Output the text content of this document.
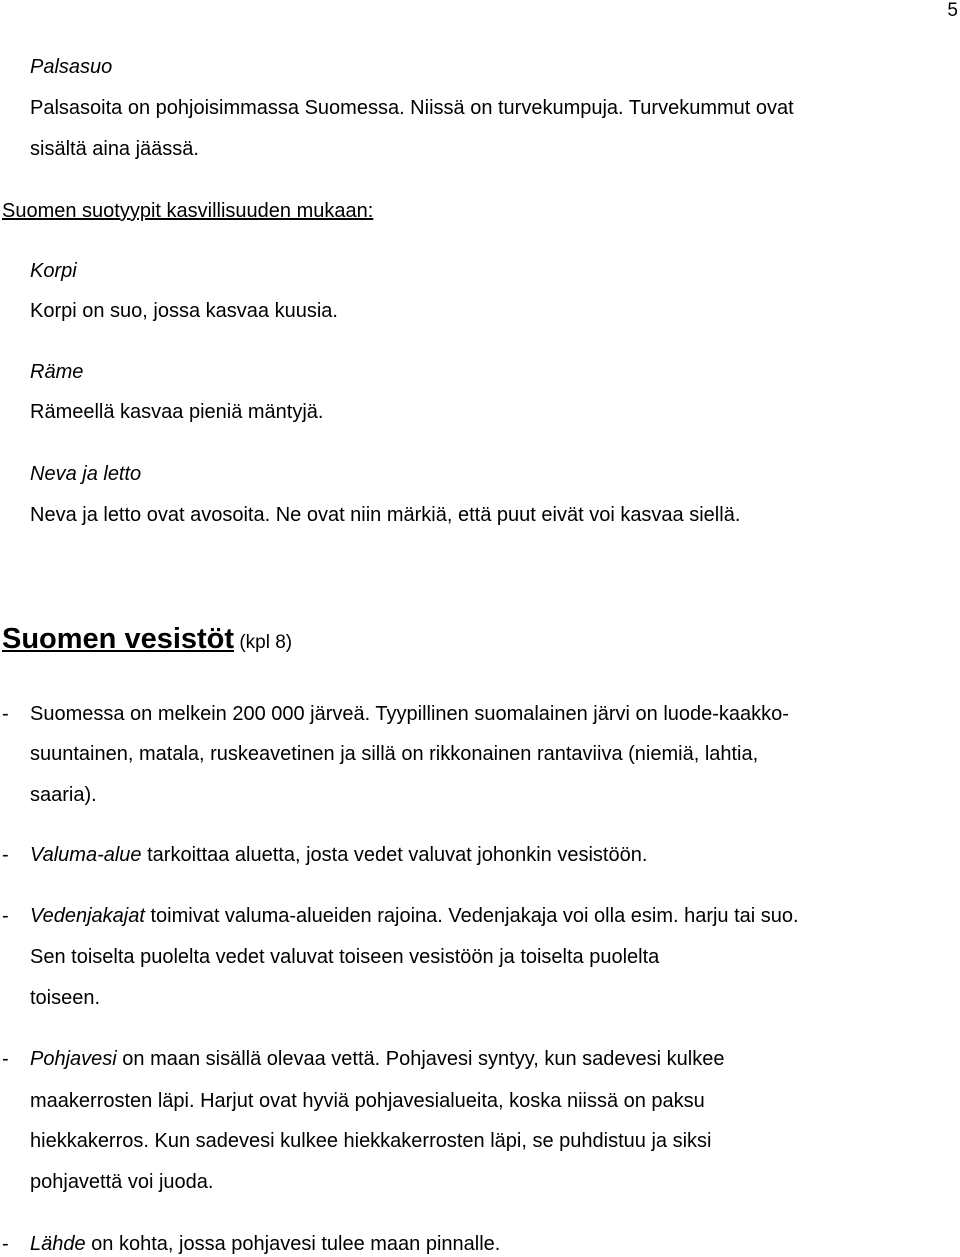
5
Palsasuo
Palsasoita on pohjoisimmassa Suomessa. Niissä on turvekumpuja. Turvekummut ovat
sisältä aina jäässä.
Suomen suotyypit kasvillisuuden mukaan:
Korpi
Korpi on suo, jossa kasvaa kuusia.
Räme
Rämeellä kasvaa pieniä mäntyjä.
Neva ja letto
Neva ja letto ovat avosoita. Ne ovat niin märkiä, että puut eivät voi kasvaa siellä.
Suomen vesistöt (kpl 8)
- Suomessa on melkein 200 000 järveä. Tyypillinen suomalainen järvi on luode-kaakko-
suuntainen, matala, ruskeavetinen ja sillä on rikkonainen rantaviiva (niemiä, lahtia,
saaria).
- Valuma-alue tarkoittaa aluetta, josta vedet valuvat johonkin vesistöön.
- Vedenjakajat toimivat valuma-alueiden rajoina. Vedenjakaja voi olla esim. harju tai suo.
Sen toiselta puolelta vedet valuvat toiseen vesistöön ja toiselta puolelta
toiseen.
- Pohjavesi on maan sisällä olevaa vettä. Pohjavesi syntyy, kun sadevesi kulkee
maakerrosten läpi. Harjut ovat hyviä pohjavesialueita, koska niissä on paksu
hiekkakerros. Kun sadevesi kulkee hiekkakerrosten läpi, se puhdistuu ja siksi
pohjavettä voi juoda.
- Lähde on kohta, jossa pohjavesi tulee maan pinnalle.
